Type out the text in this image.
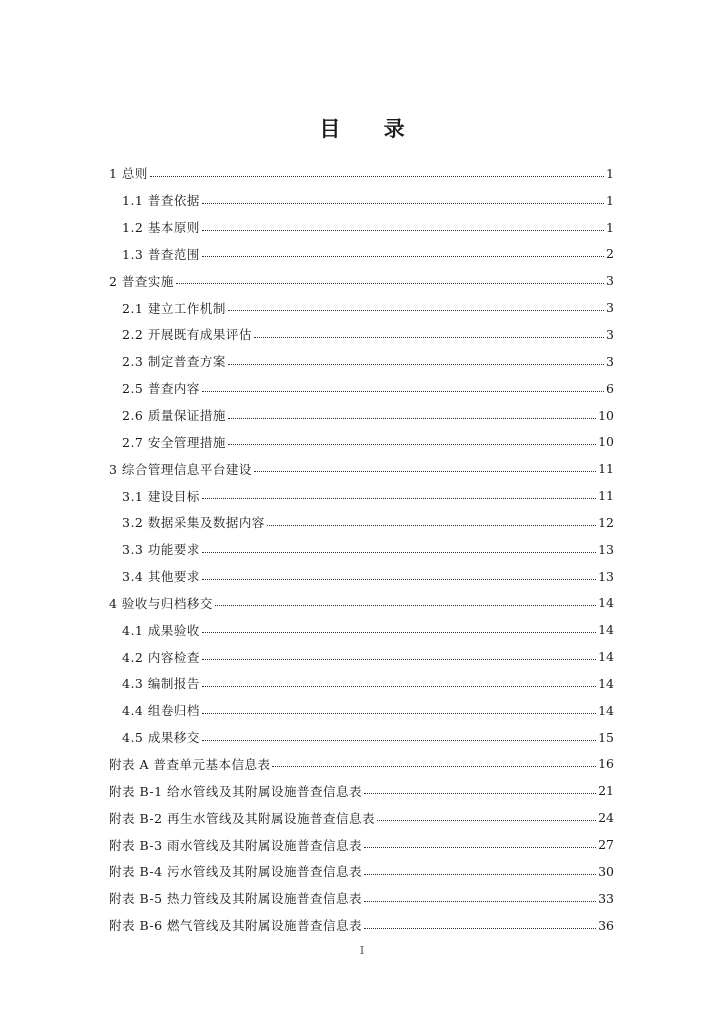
目 录
1 总则	1
1.1 普查依据	1
1.2 基本原则	1
1.3 普查范围	2
2 普查实施	3
2.1 建立工作机制	3
2.2 开展既有成果评估	3
2.3 制定普查方案	3
2.5 普查内容	6
2.6 质量保证措施	10
2.7 安全管理措施	10
3 综合管理信息平台建设	11
3.1 建设目标	11
3.2 数据采集及数据内容	12
3.3 功能要求	13
3.4 其他要求	13
4 验收与归档移交	14
4.1 成果验收	14
4.2 内容检查	14
4.3 编制报告	14
4.4 组卷归档	14
4.5 成果移交	15
附表 A 普查单元基本信息表	16
附表 B-1 给水管线及其附属设施普查信息表	21
附表 B-2 再生水管线及其附属设施普查信息表	24
附表 B-3 雨水管线及其附属设施普查信息表	27
附表 B-4 污水管线及其附属设施普查信息表	30
附表 B-5 热力管线及其附属设施普查信息表	33
附表 B-6 燃气管线及其附属设施普查信息表	36
I
